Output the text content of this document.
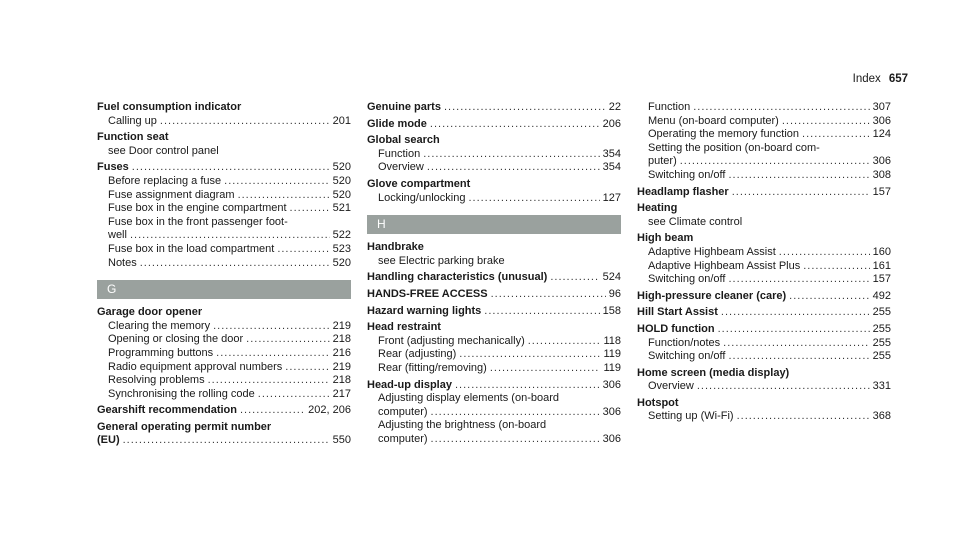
Index 657
Fuel consumption indicator
Calling up .....	201
Function seat
see Door control panel
Fuses .....	520
Before replacing a fuse .....	520
Fuse assignment diagram .....	520
Fuse box in the engine compartment .....	521
Fuse box in the front passenger foot-
well .....	522
Fuse box in the load compartment .....	523
Notes .....	520
G
Garage door opener
Clearing the memory .....	219
Opening or closing the door .....	218
Programming buttons .....	216
Radio equipment approval numbers .....	219
Resolving problems .....	218
Synchronising the rolling code .....	217
Gearshift recommendation .....	202, 206
General operating permit number
(EU) .....	550
Genuine parts .....	22
Glide mode .....	206
Global search
Function .....	354
Overview .....	354
Glove compartment
Locking/unlocking .....	127
H
Handbrake
see Electric parking brake
Handling characteristics (unusual) .....	524
HANDS-FREE ACCESS .....	96
Hazard warning lights .....	158
Head restraint
Front (adjusting mechanically) .....	118
Rear (adjusting) .....	119
Rear (fitting/removing) .....	119
Head-up display .....	306
Adjusting display elements (on-board
computer) .....	306
Adjusting the brightness (on-board
computer) .....	306
Function .....	307
Menu (on-board computer) .....	306
Operating the memory function .....	124
Setting the position (on-board com-
puter) .....	306
Switching on/off .....	308
Headlamp flasher .....	157
Heating
see Climate control
High beam
Adaptive Highbeam Assist .....	160
Adaptive Highbeam Assist Plus .....	161
Switching on/off .....	157
High-pressure cleaner (care) .....	492
Hill Start Assist .....	255
HOLD function .....	255
Function/notes .....	255
Switching on/off .....	255
Home screen (media display)
Overview .....	331
Hotspot
Setting up (Wi-Fi) .....	368
